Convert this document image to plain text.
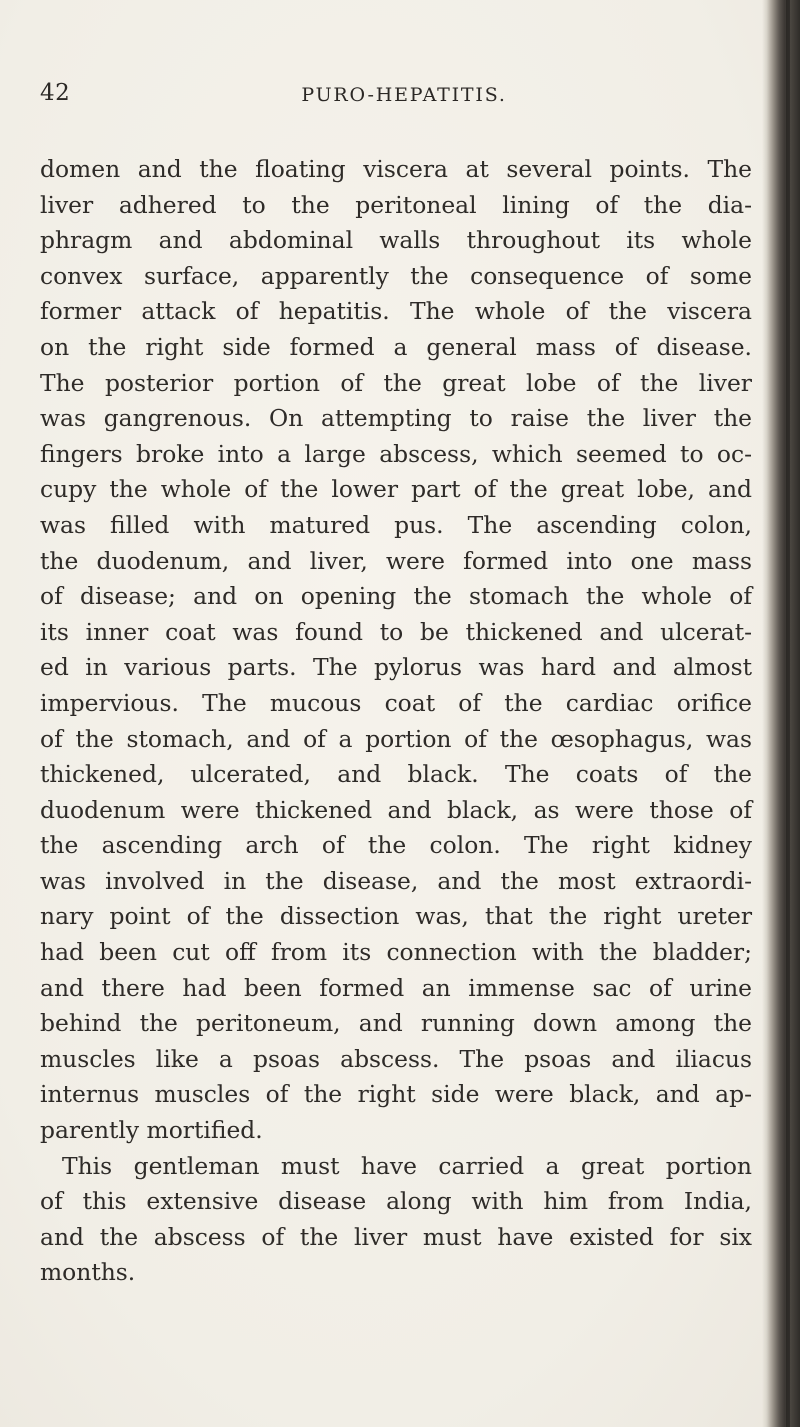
42	PURO-HEPATITIS.
domen and the floating viscera at several points. The
liver adhered to the peritoneal lining of the dia-
phragm and abdominal walls throughout its whole
convex surface, apparently the consequence of some
former attack of hepatitis. The whole of the viscera
on the right side formed a general mass of disease.
The posterior portion of the great lobe of the liver
was gangrenous. On attempting to raise the liver the
fingers broke into a large abscess, which seemed to oc-
cupy the whole of the lower part of the great lobe, and
was filled with matured pus. The ascending colon,
the duodenum, and liver, were formed into one mass
of disease; and on opening the stomach the whole of
its inner coat was found to be thickened and ulcerat-
ed in various parts. The pylorus was hard and almost
impervious. The mucous coat of the cardiac orifice
of the stomach, and of a portion of the œsophagus, was
thickened, ulcerated, and black. The coats of the
duodenum were thickened and black, as were those of
the ascending arch of the colon. The right kidney
was involved in the disease, and the most extraordi-
nary point of the dissection was, that the right ureter
had been cut off from its connection with the bladder;
and there had been formed an immense sac of urine
behind the peritoneum, and running down among the
muscles like a psoas abscess. The psoas and iliacus
internus muscles of the right side were black, and ap-
parently mortified.
This gentleman must have carried a great portion
of this extensive disease along with him from India,
and the abscess of the liver must have existed for six
months.
